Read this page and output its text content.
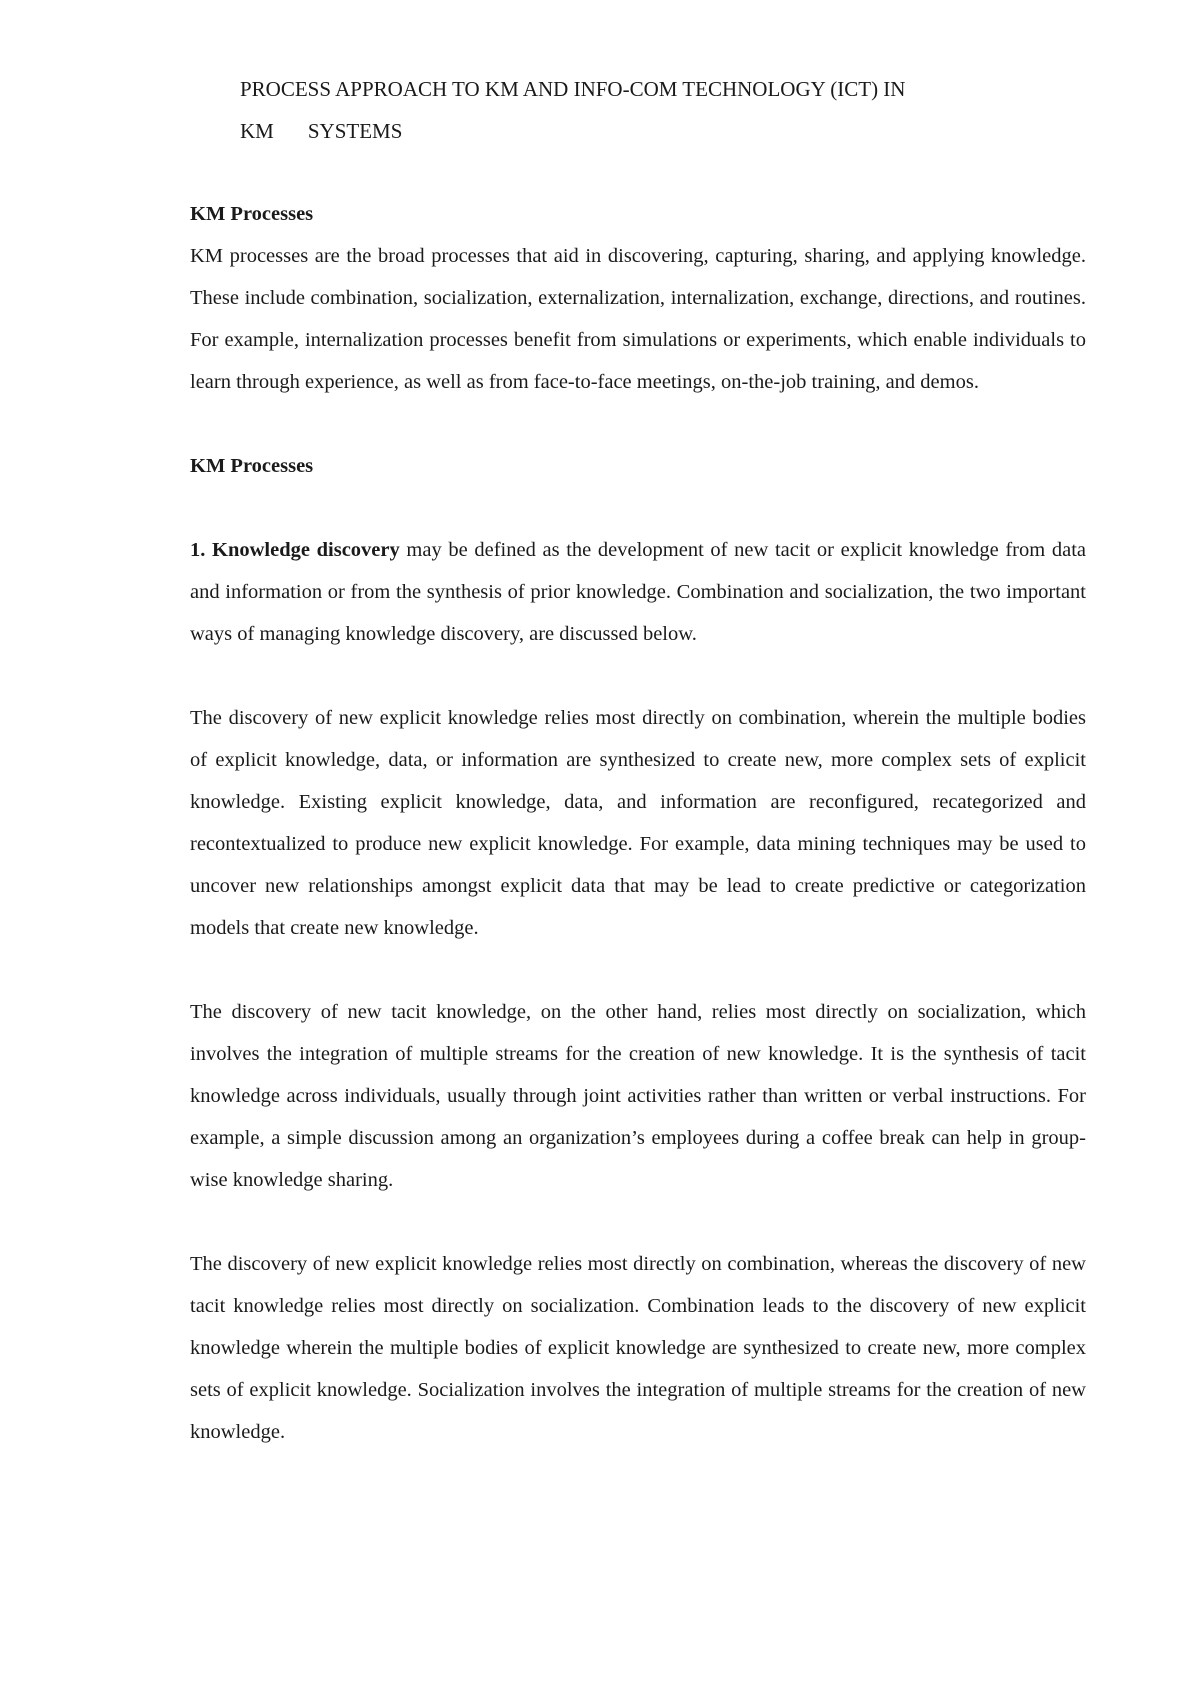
PROCESS APPROACH TO KM AND INFO-COM TECHNOLOGY (ICT) IN
KM SYSTEMS

KM Processes

KM processes are the broad processes that aid in discovering, capturing, sharing, and applying knowledge. These include combination, socialization, externalization, internalization, exchange, directions, and routines. For example, internalization processes benefit from simulations or experiments, which enable individuals to learn through experience, as well as from face-to-face meetings, on-the-job training, and demos.

KM Processes

1. Knowledge discovery may be defined as the development of new tacit or explicit knowledge from data and information or from the synthesis of prior knowledge. Combination and socialization, the two important ways of managing knowledge discovery, are discussed below.

The discovery of new explicit knowledge relies most directly on combination, wherein the multiple bodies of explicit knowledge, data, or information are synthesized to create new, more complex sets of explicit knowledge. Existing explicit knowledge, data, and information are reconfigured, recategorized and recontextualized to produce new explicit knowledge. For example, data mining techniques may be used to uncover new relationships amongst explicit data that may be lead to create predictive or categorization models that create new knowledge.

The discovery of new tacit knowledge, on the other hand, relies most directly on socialization, which involves the integration of multiple streams for the creation of new knowledge. It is the synthesis of tacit knowledge across individuals, usually through joint activities rather than written or verbal instructions. For example, a simple discussion among an organization’s employees during a coffee break can help in group-wise knowledge sharing.

The discovery of new explicit knowledge relies most directly on combination, whereas the discovery of new tacit knowledge relies most directly on socialization. Combination leads to the discovery of new explicit knowledge wherein the multiple bodies of explicit knowledge are synthesized to create new, more complex sets of explicit knowledge. Socialization involves the integration of multiple streams for the creation of new knowledge.
